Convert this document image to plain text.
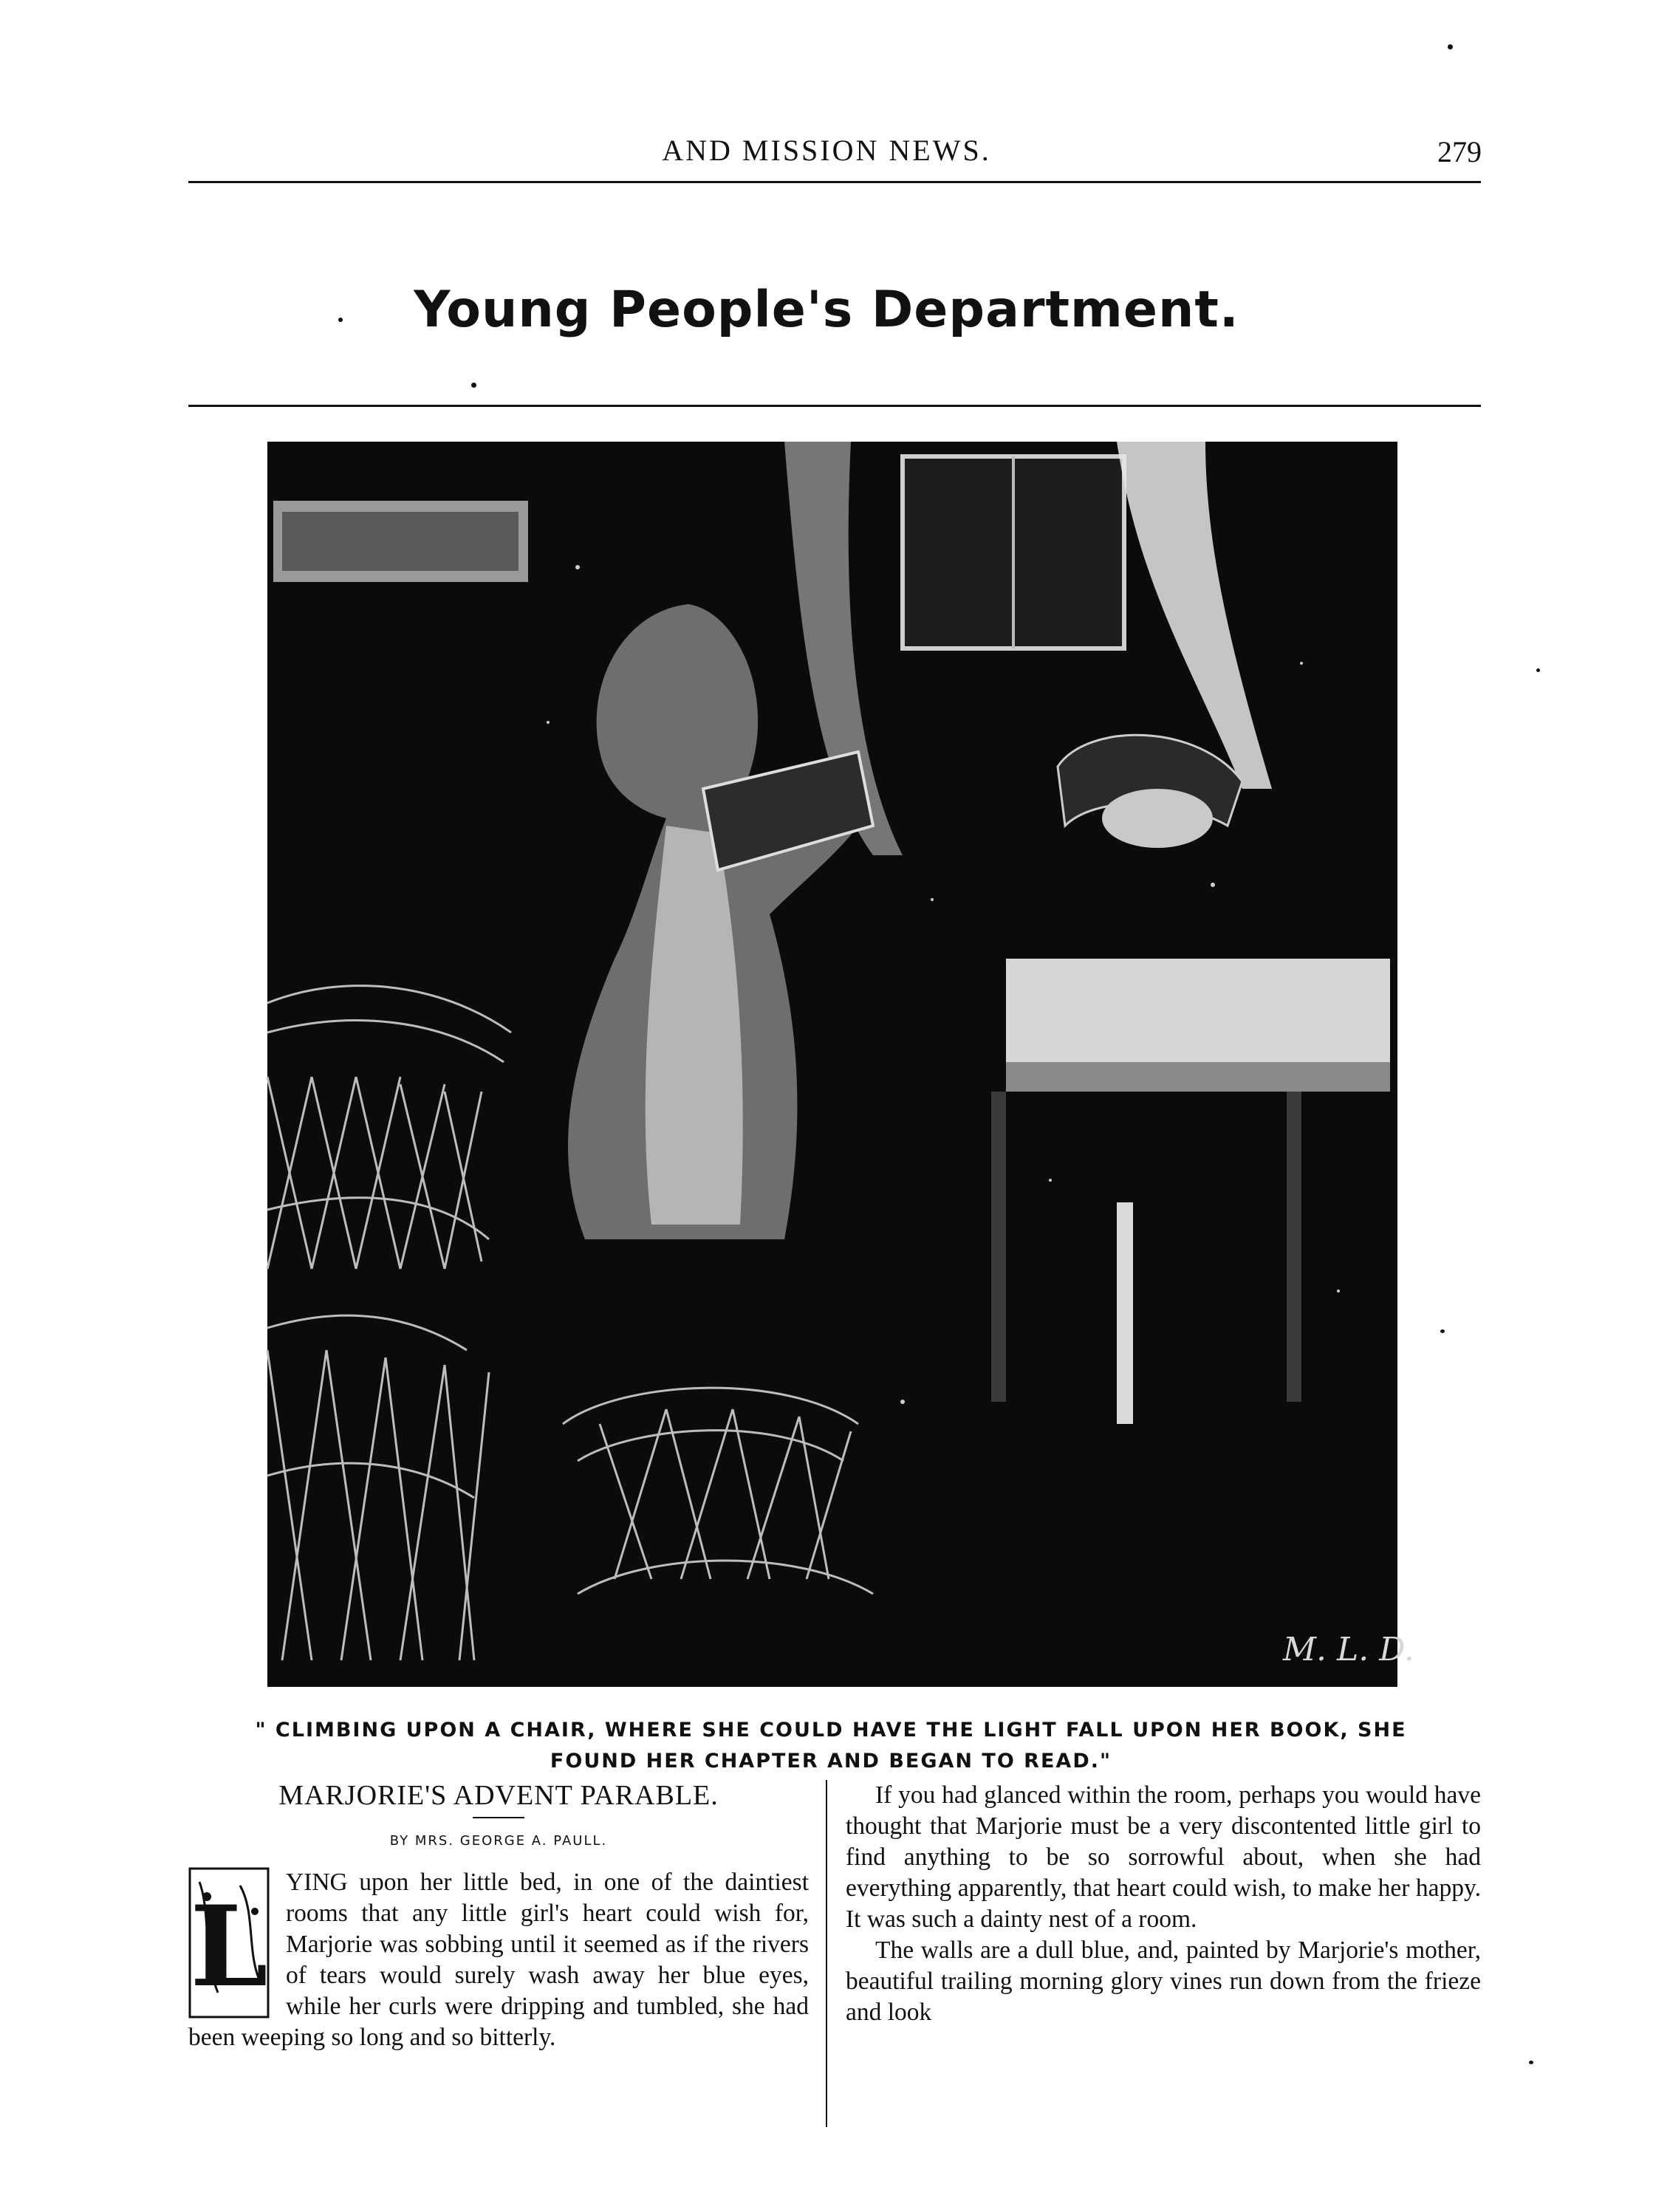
AND MISSION NEWS.	279
Young People's Department.
M. L. D.
" CLIMBING UPON A CHAIR, WHERE SHE COULD HAVE THE LIGHT FALL UPON HER BOOK, SHE
FOUND HER CHAPTER AND BEGAN TO READ."
MARJORIE'S ADVENT PARABLE.
BY MRS. GEORGE A. PAULL.
L YING upon her little bed, in one of the daintiest rooms that any little girl's heart could wish for, Marjorie was sobbing until it seemed as if the rivers of tears would surely wash away her blue eyes, while her curls were dripping and tumbled, she had been weeping so long and so bitterly.

If you had glanced within the room, perhaps you would have thought that Marjorie must be a very discontented little girl to find anything to be so sorrowful about, when she had everything apparently, that heart could wish, to make her happy. It was such a dainty nest of a room.

The walls are a dull blue, and, painted by Marjorie's mother, beautiful trailing morning glory vines run down from the frieze and look
